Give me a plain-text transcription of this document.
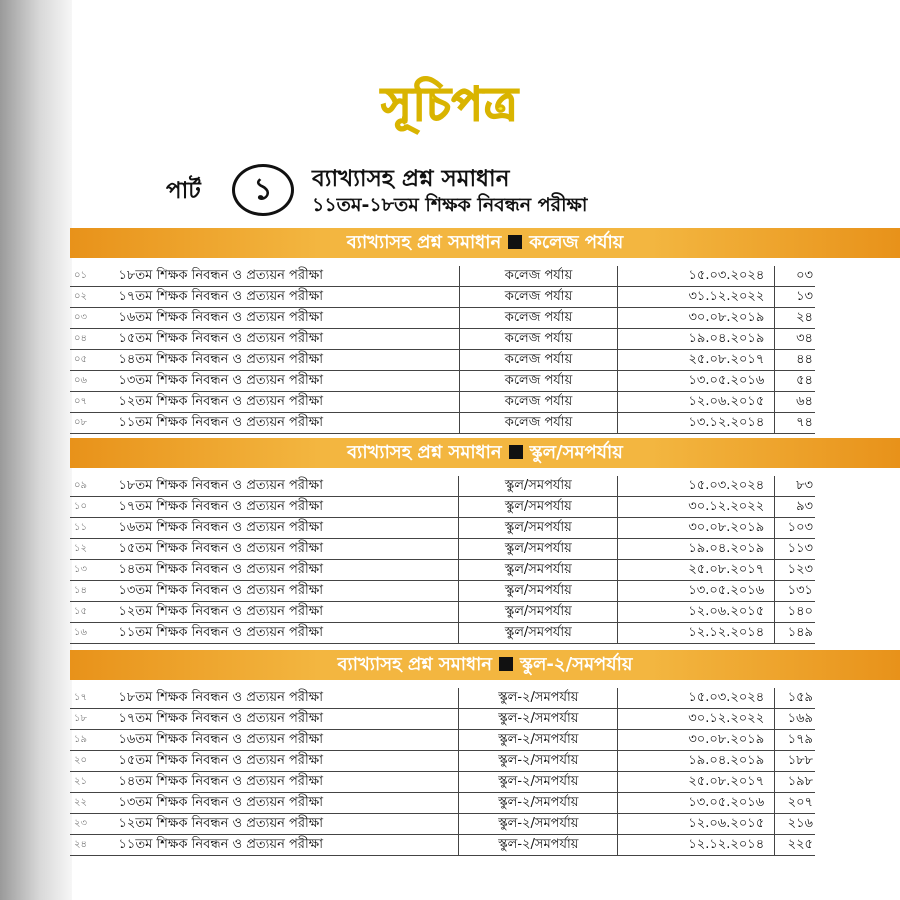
সূচিপত্র
পার্ট	১	ব্যাখ্যাসহ প্রশ্ন সমাধান
১১তম-১৮তম শিক্ষক নিবন্ধন পরীক্ষা
ব্যাখ্যাসহ প্রশ্ন সমাধান কলেজ পর্যায়
০১	১৮তম শিক্ষক নিবন্ধন ও প্রত্যয়ন পরীক্ষা	কলেজ পর্যায়	১৫.০৩.২০২৪	০৩
০২	১৭তম শিক্ষক নিবন্ধন ও প্রত্যয়ন পরীক্ষা	কলেজ পর্যায়	৩১.১২.২০২২	১৩
০৩	১৬তম শিক্ষক নিবন্ধন ও প্রত্যয়ন পরীক্ষা	কলেজ পর্যায়	৩০.০৮.২০১৯	২৪
০৪	১৫তম শিক্ষক নিবন্ধন ও প্রত্যয়ন পরীক্ষা	কলেজ পর্যায়	১৯.০৪.২০১৯	৩৪
০৫	১৪তম শিক্ষক নিবন্ধন ও প্রত্যয়ন পরীক্ষা	কলেজ পর্যায়	২৫.০৮.২০১৭	৪৪
০৬	১৩তম শিক্ষক নিবন্ধন ও প্রত্যয়ন পরীক্ষা	কলেজ পর্যায়	১৩.০৫.২০১৬	৫৪
০৭	১২তম শিক্ষক নিবন্ধন ও প্রত্যয়ন পরীক্ষা	কলেজ পর্যায়	১২.০৬.২০১৫	৬৪
০৮	১১তম শিক্ষক নিবন্ধন ও প্রত্যয়ন পরীক্ষা	কলেজ পর্যায়	১৩.১২.২০১৪	৭৪
ব্যাখ্যাসহ প্রশ্ন সমাধান স্কুল/সমপর্যায়
০৯	১৮তম শিক্ষক নিবন্ধন ও প্রত্যয়ন পরীক্ষা	স্কুল/সমপর্যায়	১৫.০৩.২০২৪	৮৩
১০	১৭তম শিক্ষক নিবন্ধন ও প্রত্যয়ন পরীক্ষা	স্কুল/সমপর্যায়	৩০.১২.২০২২	৯৩
১১	১৬তম শিক্ষক নিবন্ধন ও প্রত্যয়ন পরীক্ষা	স্কুল/সমপর্যায়	৩০.০৮.২০১৯	১০৩
১২	১৫তম শিক্ষক নিবন্ধন ও প্রত্যয়ন পরীক্ষা	স্কুল/সমপর্যায়	১৯.০৪.২০১৯	১১৩
১৩	১৪তম শিক্ষক নিবন্ধন ও প্রত্যয়ন পরীক্ষা	স্কুল/সমপর্যায়	২৫.০৮.২০১৭	১২৩
১৪	১৩তম শিক্ষক নিবন্ধন ও প্রত্যয়ন পরীক্ষা	স্কুল/সমপর্যায়	১৩.০৫.২০১৬	১৩১
১৫	১২তম শিক্ষক নিবন্ধন ও প্রত্যয়ন পরীক্ষা	স্কুল/সমপর্যায়	১২.০৬.২০১৫	১৪০
১৬	১১তম শিক্ষক নিবন্ধন ও প্রত্যয়ন পরীক্ষা	স্কুল/সমপর্যায়	১২.১২.২০১৪	১৪৯
ব্যাখ্যাসহ প্রশ্ন সমাধান স্কুল-২/সমপর্যায়
১৭	১৮তম শিক্ষক নিবন্ধন ও প্রত্যয়ন পরীক্ষা	স্কুল-২/সমপর্যায়	১৫.০৩.২০২৪	১৫৯
১৮	১৭তম শিক্ষক নিবন্ধন ও প্রত্যয়ন পরীক্ষা	স্কুল-২/সমপর্যায়	৩০.১২.২০২২	১৬৯
১৯	১৬তম শিক্ষক নিবন্ধন ও প্রত্যয়ন পরীক্ষা	স্কুল-২/সমপর্যায়	৩০.০৮.২০১৯	১৭৯
২০	১৫তম শিক্ষক নিবন্ধন ও প্রত্যয়ন পরীক্ষা	স্কুল-২/সমপর্যায়	১৯.০৪.২০১৯	১৮৮
২১	১৪তম শিক্ষক নিবন্ধন ও প্রত্যয়ন পরীক্ষা	স্কুল-২/সমপর্যায়	২৫.০৮.২০১৭	১৯৮
২২	১৩তম শিক্ষক নিবন্ধন ও প্রত্যয়ন পরীক্ষা	স্কুল-২/সমপর্যায়	১৩.০৫.২০১৬	২০৭
২৩	১২তম শিক্ষক নিবন্ধন ও প্রত্যয়ন পরীক্ষা	স্কুল-২/সমপর্যায়	১২.০৬.২০১৫	২১৬
২৪	১১তম শিক্ষক নিবন্ধন ও প্রত্যয়ন পরীক্ষা	স্কুল-২/সমপর্যায়	১২.১২.২০১৪	২২৫
